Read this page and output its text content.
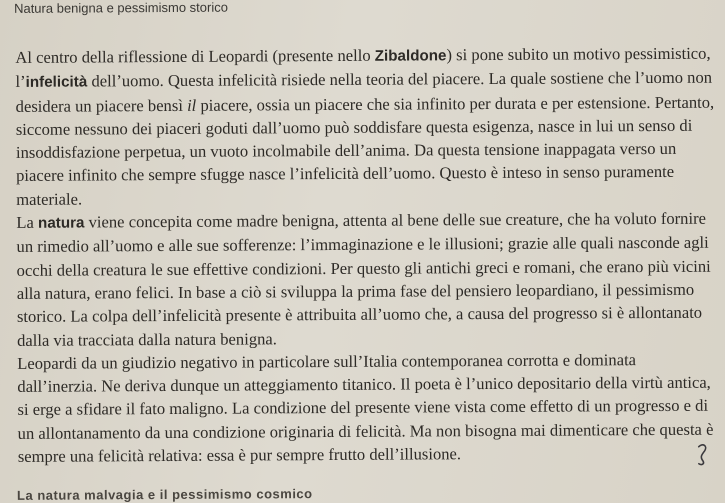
Natura benigna e pessimismo storico

Al centro della riflessione di Leopardi (presente nello Zibaldone) si pone subito un motivo pessimistico, l’infelicità dell’uomo. Questa infelicità risiede nella teoria del piacere. La quale sostiene che l’uomo non desidera un piacere bensì il piacere, ossia un piacere che sia infinito per durata e per estensione. Pertanto, siccome nessuno dei piaceri goduti dall’uomo può soddisfare questa esigenza, nasce in lui un senso di insoddisfazione perpetua, un vuoto incolmabile dell’anima. Da questa tensione inappagata verso un piacere infinito che sempre sfugge nasce l’infelicità dell’uomo. Questo è inteso in senso puramente materiale.

La natura viene concepita come madre benigna, attenta al bene delle sue creature, che ha voluto fornire un rimedio all’uomo e alle sue sofferenze: l’immaginazione e le illusioni; grazie alle quali nasconde agli occhi della creatura le sue effettive condizioni. Per questo gli antichi greci e romani, che erano più vicini alla natura, erano felici. In base a ciò si sviluppa la prima fase del pensiero leopardiano, il pessimismo storico. La colpa dell’infelicità presente è attribuita all’uomo che, a causa del progresso si è allontanato dalla via tracciata dalla natura benigna.

Leopardi da un giudizio negativo in particolare sull’Italia contemporanea corrotta e dominata dall’inerzia. Ne deriva dunque un atteggiamento titanico. Il poeta è l’unico depositario della virtù antica, si erge a sfidare il fato maligno. La condizione del presente viene vista come effetto di un progresso e di un allontanamento da una condizione originaria di felicità. Ma non bisogna mai dimenticare che questa è sempre una felicità relativa: essa è pur sempre frutto dell’illusione.

La natura malvagia e il pessimismo cosmico
